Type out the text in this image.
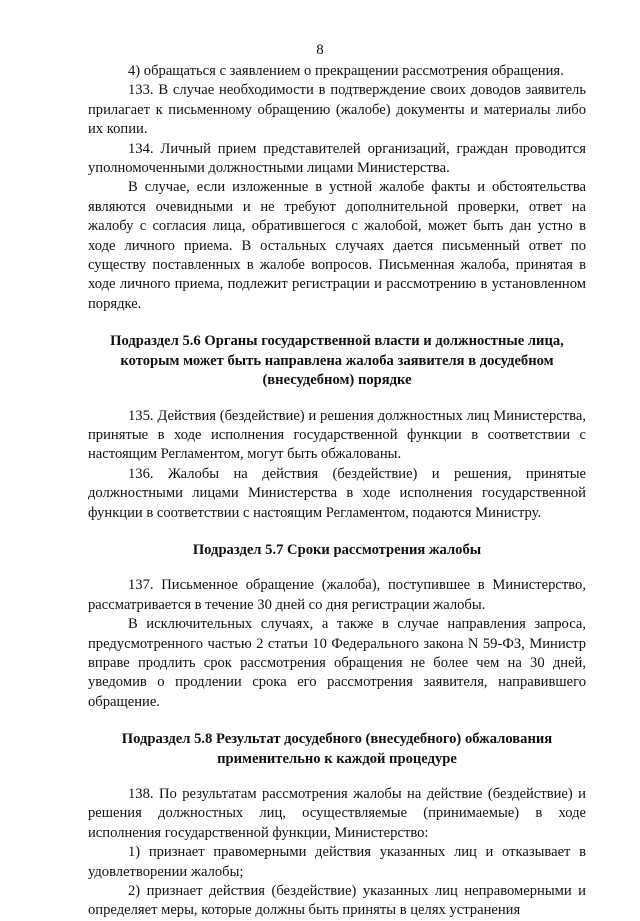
8

4) обращаться с заявлением о прекращении рассмотрения обращения.

133. В случае необходимости в подтверждение своих доводов заявитель прилагает к письменному обращению (жалобе) документы и материалы либо их копии.

134. Личный прием представителей организаций, граждан проводится уполномоченными должностными лицами Министерства.

В случае, если изложенные в устной жалобе факты и обстоятельства являются очевидными и не требуют дополнительной проверки, ответ на жалобу с согласия лица, обратившегося с жалобой, может быть дан устно в ходе личного приема. В остальных случаях дается письменный ответ по существу поставленных в жалобе вопросов. Письменная жалоба, принятая в ходе личного приема, подлежит регистрации и рассмотрению в установленном порядке.

Подраздел 5.6 Органы государственной власти и должностные лица, которым может быть направлена жалоба заявителя в досудебном (внесудебном) порядке

135. Действия (бездействие) и решения должностных лиц Министерства, принятые в ходе исполнения государственной функции в соответствии с настоящим Регламентом, могут быть обжалованы.

136. Жалобы на действия (бездействие) и решения, принятые должностными лицами Министерства в ходе исполнения государственной функции в соответствии с настоящим Регламентом, подаются Министру.

Подраздел 5.7 Сроки рассмотрения жалобы

137. Письменное обращение (жалоба), поступившее в Министерство, рассматривается в течение 30 дней со дня регистрации жалобы.

В исключительных случаях, а также в случае направления запроса, предусмотренного частью 2 статьи 10 Федерального закона N 59-ФЗ, Министр вправе продлить срок рассмотрения обращения не более чем на 30 дней, уведомив о продлении срока его рассмотрения заявителя, направившего обращение.

Подраздел 5.8 Результат досудебного (внесудебного) обжалования применительно к каждой процедуре

138. По результатам рассмотрения жалобы на действие (бездействие) и решения должностных лиц, осуществляемые (принимаемые) в ходе исполнения государственной функции, Министерство:

1) признает правомерными действия указанных лиц и отказывает в удовлетворении жалобы;

2) признает действия (бездействие) указанных лиц неправомерными и определяет меры, которые должны быть приняты в целях устранения
